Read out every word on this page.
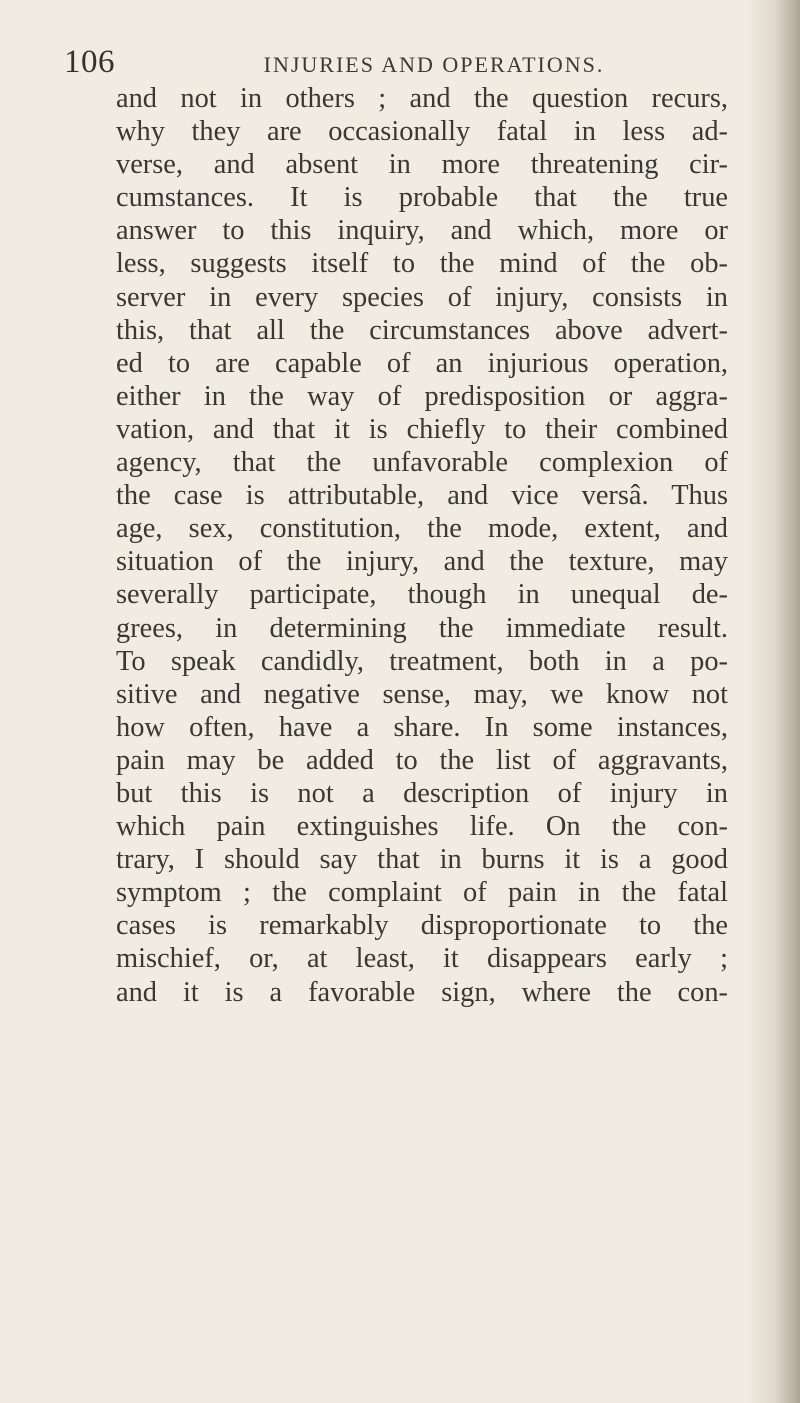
106	INJURIES AND OPERATIONS.
and not in others ; and the question recurs,
why they are occasionally fatal in less ad-
verse, and absent in more threatening cir-
cumstances. It is probable that the true
answer to this inquiry, and which, more or
less, suggests itself to the mind of the ob-
server in every species of injury, consists in
this, that all the circumstances above advert-
ed to are capable of an injurious operation,
either in the way of predisposition or aggra-
vation, and that it is chiefly to their combined
agency, that the unfavorable complexion of
the case is attributable, and vice versâ. Thus
age, sex, constitution, the mode, extent, and
situation of the injury, and the texture, may
severally participate, though in unequal de-
grees, in determining the immediate result.
To speak candidly, treatment, both in a po-
sitive and negative sense, may, we know not
how often, have a share. In some instances,
pain may be added to the list of aggravants,
but this is not a description of injury in
which pain extinguishes life. On the con-
trary, I should say that in burns it is a good
symptom ; the complaint of pain in the fatal
cases is remarkably disproportionate to the
mischief, or, at least, it disappears early ;
and it is a favorable sign, where the con-
